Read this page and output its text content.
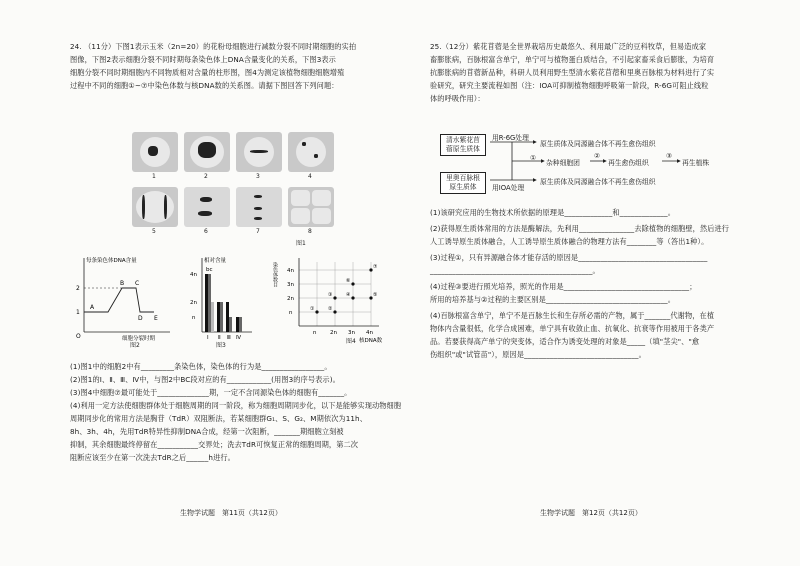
24. （11分）下图1表示玉米（2n=20）的花粉母细胞进行减数分裂不同时期细胞的实拍

图像，下图2表示细胞分裂不同时期每条染色体上DNA含量变化的关系，下图3表示

细胞分裂不同时期细胞内不同物质相对含量的柱形图，图4为测定该植物细胞细胞增殖

过程中不同的细胞①~⑦中染色体数与核DNA数的关系图。请据下图回答下列问题：

1	2	3	4
5	6	7	8
图1
每条染色体DNA含量
2
1
O
A
B C
D E
细胞分裂时期
图2
相对含量
4n
2n
n
bc
Ⅰ Ⅱ Ⅲ Ⅳ
图3
染色体数目 4n
3n
2n
n
n 2n 3n 4n
核DNA数
①	②
③	④	⑤
⑥
⑦
图4

(1)图1中的细胞2中有_________条染色体，染色体的行为是_________________。

(2)图1的Ⅰ、Ⅱ、Ⅲ、Ⅳ中，与图2中BC段对应的有____________(用图3的序号表示)。

(3)图4中细胞⑦最可能处于______________期，一定不含同源染色体的细胞有_______。

(4)利用一定方法使细胞群体处于细胞周期的同一阶段，称为细胞周期同步化，以下是能够实现动物细胞

周期同步化的常用方法是胸苷（TdR）双阻断法，若某细胞群G₁、S、G₂、M期依次为11h、

8h、3h、4h，先用TdR特异性抑制DNA合成，经第一次阻断，_______期细胞立刻被

抑制，其余细胞最终停留在___________交界处；洗去TdR可恢复正常的细胞周期，第二次

阻断应该至少在第一次洗去TdR之后______h进行。

生物学试题　第11页（共12页）

25.（12分）紫花苜蓿是全世界栽培历史最悠久、利用最广泛的豆科牧草，但易造成家

畜膨胀病，百脉根富含单宁，单宁可与植物蛋白质结合，不引起家畜采食后膨胀，为培育

抗膨胀病的苜蓿新品种，科研人员利用野生型清水紫花苜蓿和里奥百脉根为材料进行了实

验研究，研究主要流程如图（注：IOA可抑制植物细胞呼吸第一阶段，R-6G可阻止线粒

体的呼吸作用）：

清水紫花苜蓿原生质体
里奥百脉根原生质体
用R-6G处理
用IOA处理
原生质体及同源融合体不再生愈伤组织
原生质体及同源融合体不再生愈伤组织
①
杂种细胞团
②
再生愈伤组织
③
再生植株

(1)该研究应用的生物技术所依据的原理是_____________和_____________。

(2)获得原生质体常用的方法是酶解法，先利用_______________去除植物的细胞壁，然后进行

人工诱导原生质体融合，人工诱导原生质体融合的物理方法有________等（答出1种）。

(3)过程①，只有异源融合体才能存活的原因是___________________________________

____________________________________________。

(4)过程③要进行照光培养，照光的作用是__________________________________；

所用的培养基与②过程的主要区别是_________________________________。

(4)百脉根富含单宁，单宁不是百脉生长和生存所必需的产物，属于_______代谢物，在植

物体内含量很低，化学合成困难，单宁具有收敛止血、抗氧化、抗衰等作用被用于各类产

品。若要获得高产单宁的突变体，适合作为诱变处理的对象是_____（填"茎尖"、"愈

伤组织"或"试管苗"），原因是_______________________________。

生物学试题　第12页（共12页）
